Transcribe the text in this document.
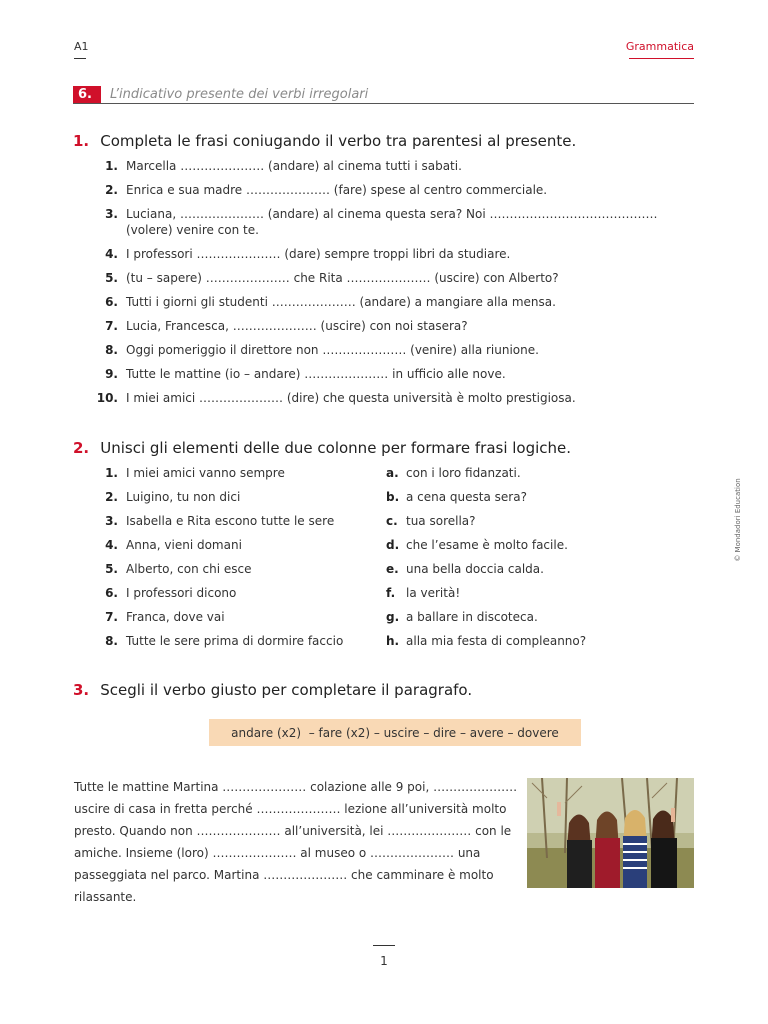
A1	Grammatica
6.	L’indicativo presente dei verbi irregolari
1. Completa le frasi coniugando il verbo tra parentesi al presente.
1. Marcella ………………… (andare) al cinema tutti i sabati.
2. Enrica e sua madre ………………… (fare) spese al centro commerciale.
3. Luciana, ………………… (andare) al cinema questa sera? Noi …………………………………… (volere) venire con te.
4. I professori ………………… (dare) sempre troppi libri da studiare.
5. (tu – sapere) ………………… che Rita ………………… (uscire) con Alberto?
6. Tutti i giorni gli studenti ………………… (andare) a mangiare alla mensa.
7. Lucia, Francesca, ………………… (uscire) con noi stasera?
8. Oggi pomeriggio il direttore non ………………… (venire) alla riunione.
9. Tutte le mattine (io – andare) ………………… in ufficio alle nove.
10. I miei amici ………………… (dire) che questa università è molto prestigiosa.
2. Unisci gli elementi delle due colonne per formare frasi logiche.
1. I miei amici vanno sempre
2. Luigino, tu non dici
3. Isabella e Rita escono tutte le sere
4. Anna, vieni domani
5. Alberto, con chi esce
6. I professori dicono
7. Franca, dove vai
8. Tutte le sere prima di dormire faccio
a. con i loro fidanzati.
b. a cena questa sera?
c. tua sorella?
d. che l’esame è molto facile.
e. una bella doccia calda.
f. la verità!
g. a ballare in discoteca.
h. alla mia festa di compleanno?
3. Scegli il verbo giusto per completare il paragrafo.
andare (x2)  – fare (x2) – uscire – dire – avere – dovere
Tutte le mattine Martina ………………… colazione alle 9 poi, ………………… uscire di casa in fretta perché ………………… lezione all’università molto presto. Quando non ………………… all’università, lei ………………… con le amiche. Insieme (loro) ………………… al museo o ………………… una passeggiata nel parco. Martina ………………… che camminare è molto rilassante.
© Mondadori Education
1
